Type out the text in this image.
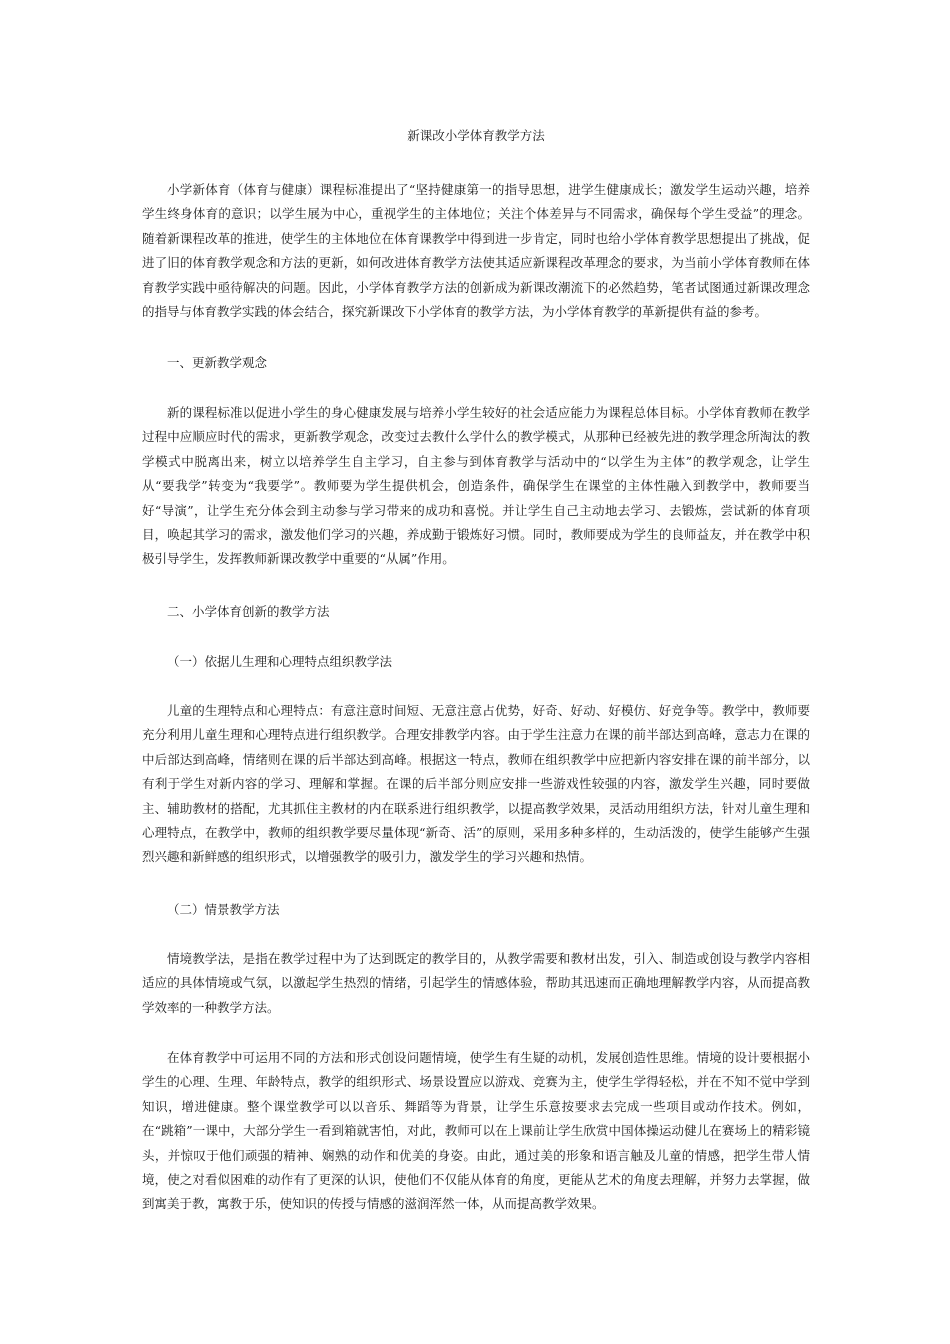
新课改小学体育教学方法

小学新体育（体育与健康）课程标准提出了“坚持健康第一的指导思想，进学生健康成长；激发学生运动兴趣，培养学生终身体育的意识；以学生展为中心，重视学生的主体地位；关注个体差异与不同需求，确保每个学生受益”的理念。随着新课程改革的推进，使学生的主体地位在体育课教学中得到进一步肯定，同时也给小学体育教学思想提出了挑战，促进了旧的体育教学观念和方法的更新，如何改进体育教学方法使其适应新课程改革理念的要求，为当前小学体育教师在体育教学实践中亟待解决的问题。因此，小学体育教学方法的创新成为新课改潮流下的必然趋势，笔者试图通过新课改理念的指导与体育教学实践的体会结合，探究新课改下小学体育的教学方法，为小学体育教学的革新提供有益的参考。

一、更新教学观念

新的课程标准以促进小学生的身心健康发展与培养小学生较好的社会适应能力为课程总体目标。小学体育教师在教学过程中应顺应时代的需求，更新教学观念，改变过去教什么学什么的教学模式，从那种已经被先进的教学理念所淘汰的教学模式中脱离出来，树立以培养学生自主学习，自主参与到体育教学与活动中的“以学生为主体”的教学观念，让学生从“要我学”转变为“我要学”。教师要为学生提供机会，创造条件，确保学生在课堂的主体性融入到教学中，教师要当好“导演”，让学生充分体会到主动参与学习带来的成功和喜悦。并让学生自己主动地去学习、去锻炼，尝试新的体育项目，唤起其学习的需求，激发他们学习的兴趣，养成勤于锻炼好习惯。同时，教师要成为学生的良师益友，并在教学中积极引导学生，发挥教师新课改教学中重要的“从属”作用。

二、小学体育创新的教学方法
（一）依据儿生理和心理特点组织教学法

儿童的生理特点和心理特点：有意注意时间短、无意注意占优势，好奇、好动、好模仿、好竞争等。教学中，教师要充分利用儿童生理和心理特点进行组织教学。合理安排教学内容。由于学生注意力在课的前半部达到高峰，意志力在课的中后部达到高峰，情绪则在课的后半部达到高峰。根据这一特点，教师在组织教学中应把新内容安排在课的前半部分，以有利于学生对新内容的学习、理解和掌握。在课的后半部分则应安排一些游戏性较强的内容，激发学生兴趣，同时要做主、辅助教材的搭配，尤其抓住主教材的内在联系进行组织教学，以提高教学效果，灵活动用组织方法，针对儿童生理和心理特点，在教学中，教师的组织教学要尽量体现“新奇、活”的原则，采用多种多样的，生动活泼的，使学生能够产生强烈兴趣和新鲜感的组织形式，以增强教学的吸引力，激发学生的学习兴趣和热情。

（二）情景教学方法

情境教学法，是指在教学过程中为了达到既定的教学目的，从教学需要和教材出发，引入、制造或创设与教学内容相适应的具体情境或气氛，以激起学生热烈的情绪，引起学生的情感体验，帮助其迅速而正确地理解教学内容，从而提高教学效率的一种教学方法。

在体育教学中可运用不同的方法和形式创设问题情境，使学生有生疑的动机，发展创造性思维。情境的设计要根据小学生的心理、生理、年龄特点，教学的组织形式、场景设置应以游戏、竞赛为主，使学生学得轻松，并在不知不觉中学到知识，增进健康。整个课堂教学可以以音乐、舞蹈等为背景，让学生乐意按要求去完成一些项目或动作技术。例如，在“跳箱”一课中，大部分学生一看到箱就害怕，对此，教师可以在上课前让学生欣赏中国体操运动健儿在赛场上的精彩镜头，并惊叹于他们顽强的精神、娴熟的动作和优美的身姿。由此，通过美的形象和语言触及儿童的情感，把学生带人情境，使之对看似困难的动作有了更深的认识，使他们不仅能从体育的角度，更能从艺术的角度去理解，并努力去掌握，做到寓美于教，寓教于乐，使知识的传授与情感的滋润浑然一体，从而提高教学效果。
